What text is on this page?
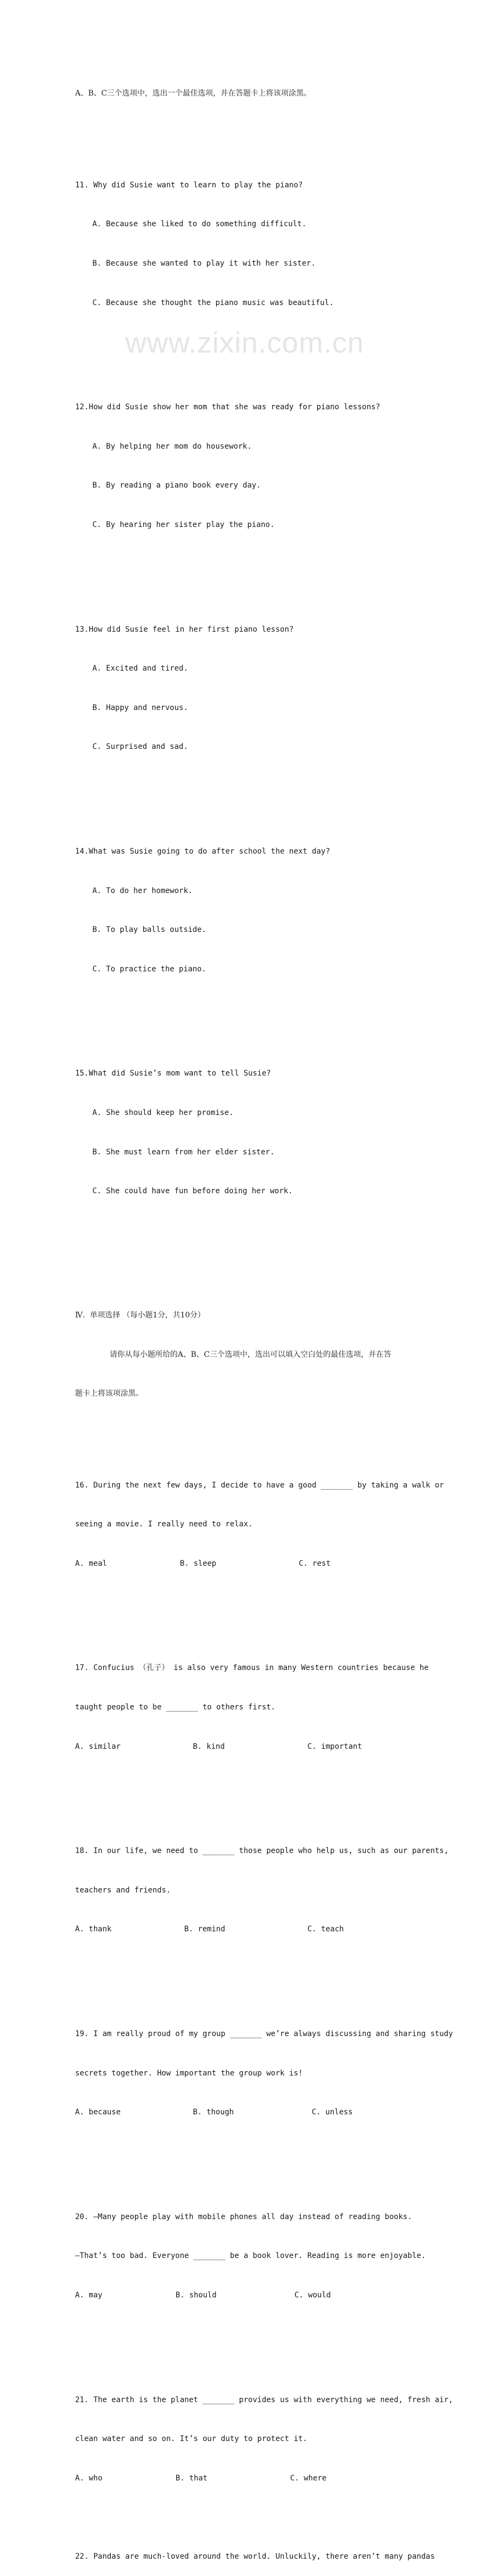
A、B、C三个选项中，选出一个最佳选项，并在答题卡上将该项涂黑。

11. Why did Susie want to learn to play the piano?

A. Because she liked to do something difficult.

B. Because she wanted to play it with her sister.

C. Because she thought the piano music was beautiful.

12.How did Susie show her mom that she was ready for piano lessons?

A. By helping her mom do housework.

B. By reading a piano book every day.

C. By hearing her sister play the piano.

13.How did Susie feel in her first piano lesson?

A. Excited and tired.

B. Happy and nervous.

C. Surprised and sad.

14.What was Susie going to do after school the next day?

A. To do her homework.

B. To play balls outside.

C. To practice the piano.

15.What did Susie’s mom want to tell Susie?

A. She should keep her promise.

B. She must learn from her elder sister.

C. She could have fun before doing her work.

Ⅳ.  单项选择 （每小题1分，共10分）

请你从每小题所给的A、B、C三个选项中，选出可以填入空白处的最佳选项，并在答

题卡上将该项涂黑。

16. During the next few days, I decide to have a good _______ by taking a walk or

seeing a movie. I really need to relax.

A. meal	B. sleep	C. rest

17. Confucius （孔子） is also very famous in many Western countries because he

taught people to be _______ to others first.

A. similar	B. kind	C. important

18. In our life, we need to _______ those people who help us, such as our parents,

teachers and friends.

A. thank	B. remind	C. teach

19. I am really proud of my group _______ we’re always discussing and sharing study

secrets together. How important the group work is!

A. because	B. though	C. unless

20. —Many people play with mobile phones all day instead of reading books.

—That’s too bad. Everyone _______ be a book lover. Reading is more enjoyable.

A. may	B. should	C. would

21. The earth is the planet _______ provides us with everything we need, fresh air,

clean water and so on. It’s our duty to protect it.

A. who	B. that	C. where

22. Pandas are much-loved around the world. Unluckily, there aren’t many pandas

www.zixin.com.cn
